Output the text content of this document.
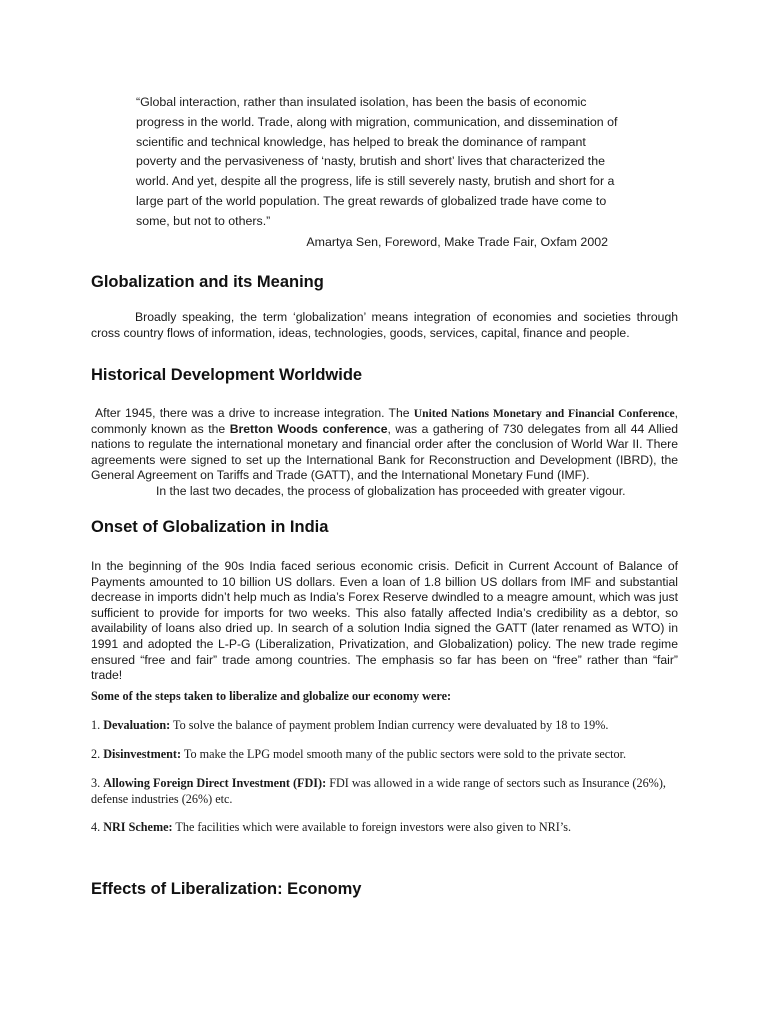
“Global interaction, rather than insulated isolation, has been the basis of economic progress in the world. Trade, along with migration, communication, and dissemination of scientific and technical knowledge, has helped to break the dominance of rampant poverty and the pervasiveness of ‘nasty, brutish and short’ lives that characterized the world. And yet, despite all the progress, life is still severely nasty, brutish and short for a large part of the world population. The great rewards of globalized trade have come to some, but not to others.”

Amartya Sen, Foreword, Make Trade Fair, Oxfam 2002

Globalization and its Meaning

Broadly speaking, the term ‘globalization’ means integration of economies and societies through cross country flows of information, ideas, technologies, goods, services, capital, finance and people.

Historical Development Worldwide

After 1945, there was a drive to increase integration. The United Nations Monetary and Financial Conference, commonly known as the Bretton Woods conference, was a gathering of 730 delegates from all 44 Allied nations to regulate the international monetary and financial order after the conclusion of World War II. There agreements were signed to set up the International Bank for Reconstruction and Development (IBRD), the General Agreement on Tariffs and Trade (GATT), and the International Monetary Fund (IMF).
In the last two decades, the process of globalization has proceeded with greater vigour.

Onset of Globalization in India

In the beginning of the 90s India faced serious economic crisis. Deficit in Current Account of Balance of Payments amounted to 10 billion US dollars. Even a loan of 1.8 billion US dollars from IMF and substantial decrease in imports didn’t help much as India’s Forex Reserve dwindled to a meagre amount, which was just sufficient to provide for imports for two weeks. This also fatally affected India’s credibility as a debtor, so availability of loans also dried up. In search of a solution India signed the GATT (later renamed as WTO) in 1991 and adopted the L-P-G (Liberalization, Privatization, and Globalization) policy. The new trade regime ensured “free and fair” trade among countries. The emphasis so far has been on “free” rather than “fair” trade!

Some of the steps taken to liberalize and globalize our economy were:

1. Devaluation: To solve the balance of payment problem Indian currency were devaluated by 18 to 19%.

2. Disinvestment: To make the LPG model smooth many of the public sectors were sold to the private sector.

3. Allowing Foreign Direct Investment (FDI): FDI was allowed in a wide range of sectors such as Insurance (26%), defense industries (26%) etc.

4. NRI Scheme: The facilities which were available to foreign investors were also given to NRI’s.

Effects of Liberalization: Economy
